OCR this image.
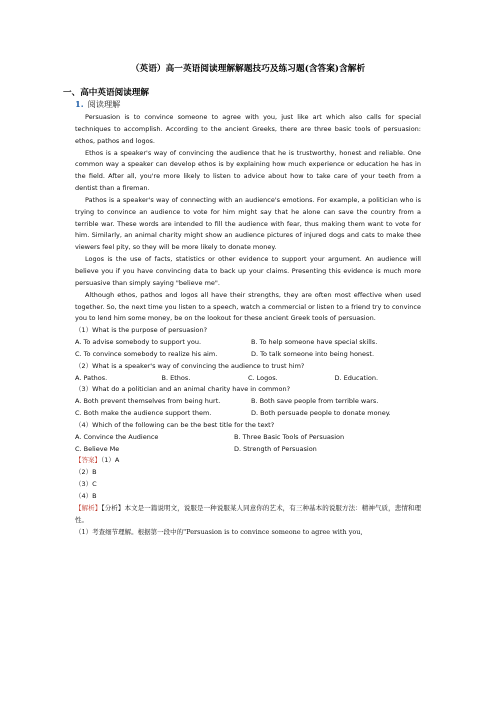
（英语）高一英语阅读理解解题技巧及练习题(含答案)含解析
一、高中英语阅读理解
1. 阅读理解

Persuasion is to convince someone to agree with you, just like art which also calls for special techniques to accomplish. According to the ancient Greeks, there are three basic tools of persuasion: ethos, pathos and logos.

Ethos is a speaker's way of convincing the audience that he is trustworthy, honest and reliable. One common way a speaker can develop ethos is by explaining how much experience or education he has in the field. After all, you're more likely to listen to advice about how to take care of your teeth from a dentist than a fireman.

Pathos is a speaker's way of connecting with an audience's emotions. For example, a politician who is trying to convince an audience to vote for him might say that he alone can save the country from a terrible war. These words are intended to fill the audience with fear, thus making them want to vote for him. Similarly, an animal charity might show an audience pictures of injured dogs and cats to make thee viewers feel pity, so they will be more likely to donate money.

Logos is the use of facts, statistics or other evidence to support your argument. An audience will believe you if you have convincing data to back up your claims. Presenting this evidence is much more persuasive than simply saying "believe me".

Although ethos, pathos and logos all have their strengths, they are often most effective when used together. So, the next time you listen to a speech, watch a commercial or listen to a friend try to convince you to lend him some money, be on the lookout for these ancient Greek tools of persuasion.

（1）What is the purpose of persuasion?

A. To advise somebody to support you.	B. To help someone have special skills.
C. To convince somebody to realize his aim.	D. To talk someone into being honest.

（2）What is a speaker's way of convincing the audience to trust him?

A. Pathos.	B. Ethos.	C. Logos.	D. Education.

（3）What do a politician and an animal charity have in common?

A. Both prevent themselves from being hurt.	B. Both save people from terrible wars.
C. Both make the audience support them.	D. Both persuade people to donate money.

（4）Which of the following can be the best title for the text?

A. Convince the Audience	B. Three Basic Tools of Persuasion
C. Believe Me	D. Strength of Persuasion

【答案】（1）A

（2）B

（3）C

（4）B

【解析】【分析】本文是一篇说明文，说服是一种说服某人同意你的艺术，有三种基本的说服方法：精神气质，悲情和理性。

（1）考查细节理解。根据第一段中的"Persuasion is to convince someone to agree with you,
